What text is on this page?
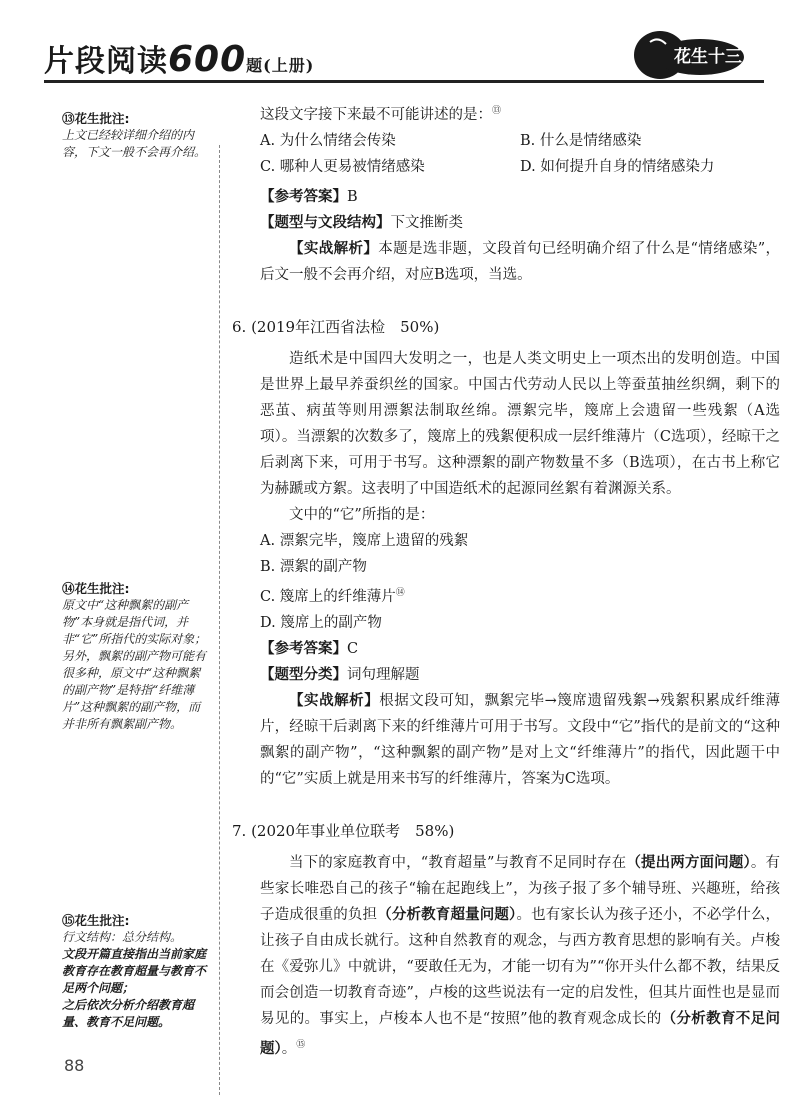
片段阅读600题(上册)	花生十三
⑬花生批注:

上文已经较详细介绍的内容，下文一般不会再介绍。

⑭花生批注:

原文中“这种飘絮的副产物”本身就是指代词，并非“它”所指代的实际对象；

另外，飘絮的副产物可能有很多种，原文中“这种飘絮的副产物”是特指“纤维薄片”这种飘絮的副产物，而并非所有飘絮副产物。

⑮花生批注:

行文结构：总分结构。

文段开篇直接指出当前家庭教育存在教育超量与教育不足两个问题；

之后依次分析介绍教育超量、教育不足问题。

这段文字接下来最不可能讲述的是：⑬

A. 为什么情绪会传染	B. 什么是情绪感染
C. 哪种人更易被情绪感染	D. 如何提升自身的情绪感染力

【参考答案】B

【题型与文段结构】下文推断类

【实战解析】本题是选非题，文段首句已经明确介绍了什么是“情绪感染”，后文一般不会再介绍，对应B选项，当选。

6. (2019年江西省法检　50%)

造纸术是中国四大发明之一，也是人类文明史上一项杰出的发明创造。中国是世界上最早养蚕织丝的国家。中国古代劳动人民以上等蚕茧抽丝织绸，剩下的恶茧、病茧等则用漂絮法制取丝绵。漂絮完毕，篾席上会遗留一些残絮（A选项）。当漂絮的次数多了，篾席上的残絮便积成一层纤维薄片（C选项），经晾干之后剥离下来，可用于书写。这种漂絮的副产物数量不多（B选项），在古书上称它为赫蹏或方絮。这表明了中国造纸术的起源同丝絮有着渊源关系。

文中的“它”所指的是：

A. 漂絮完毕，篾席上遗留的残絮

B. 漂絮的副产物

C. 篾席上的纤维薄片⑭

D. 篾席上的副产物

【参考答案】C

【题型分类】词句理解题

【实战解析】根据文段可知，飘絮完毕→篾席遗留残絮→残絮积累成纤维薄片，经晾干后剥离下来的纤维薄片可用于书写。文段中“它”指代的是前文的“这种飘絮的副产物”，“这种飘絮的副产物”是对上文“纤维薄片”的指代，因此题干中的“它”实质上就是用来书写的纤维薄片，答案为C选项。

7. (2020年事业单位联考　58%)

当下的家庭教育中，“教育超量”与教育不足同时存在（提出两方面问题）。有些家长唯恐自己的孩子“输在起跑线上”，为孩子报了多个辅导班、兴趣班，给孩子造成很重的负担（分析教育超量问题）。也有家长认为孩子还小，不必学什么，让孩子自由成长就行。这种自然教育的观念，与西方教育思想的影响有关。卢梭在《爱弥儿》中就讲，“要敢任无为，才能一切有为”“你开头什么都不教，结果反而会创造一切教育奇迹”，卢梭的这些说法有一定的启发性，但其片面性也是显而易见的。事实上，卢梭本人也不是“按照”他的教育观念成长的（分析教育不足问题）。⑮

88
